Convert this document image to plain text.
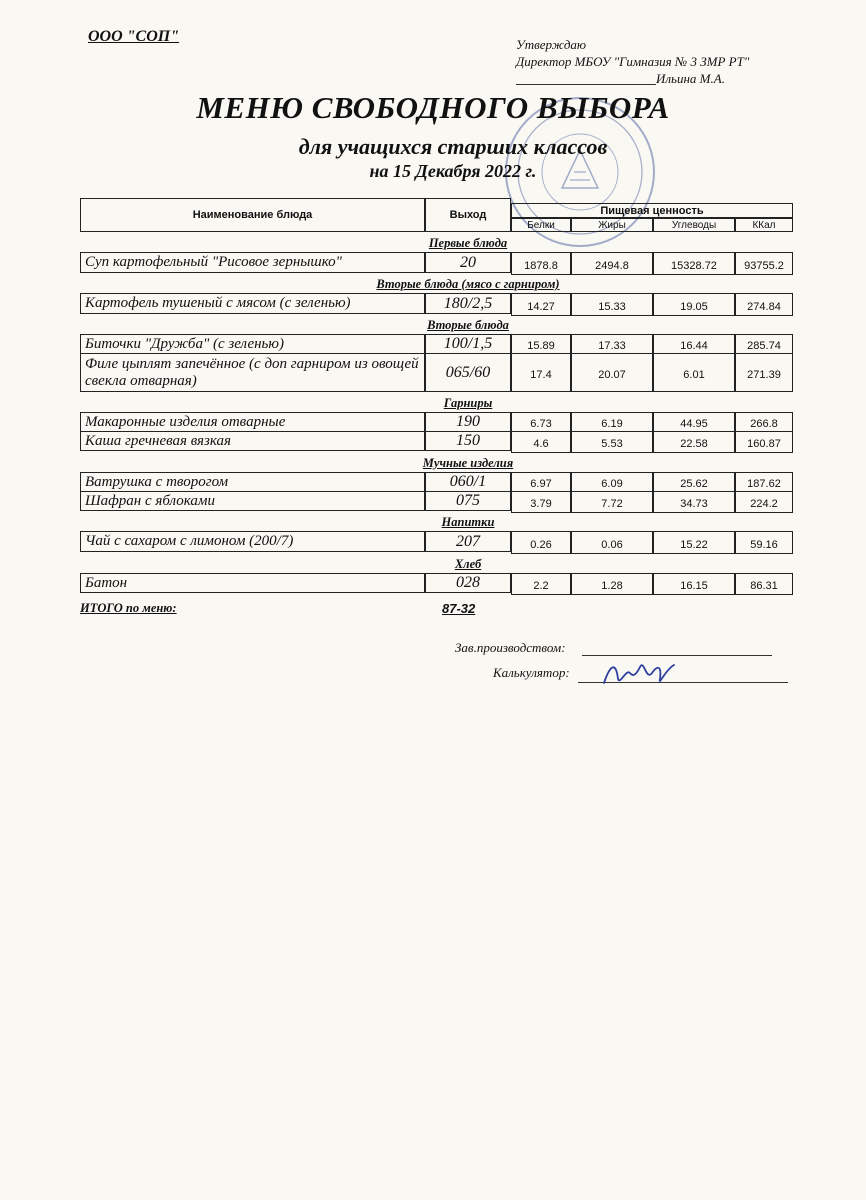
ООО "СОП"	Утверждаю
Директор МБОУ "Гимназия № 3 ЗМР РТ"
Ильина М.А.
МЕНЮ СВОБОДНОГО ВЫБОРА
для учащихся старших классов
на 15 Декабря 2022 г.
Наименование блюда	Выход	Пищевая ценность
Белки	Жиры	Углеводы	ККал
Первые блюда
Суп картофельный "Рисовое зернышко"	20	1878.8	2494.8	15328.72	93755.2
Вторые блюда (мясо с гарниром)
Картофель тушеный с мясом (с зеленью)	180/2,5	14.27	15.33	19.05	274.84
Вторые блюда
Биточки "Дружба" (с зеленью)	100/1,5	15.89	17.33	16.44	285.74
Филе цыплят запечённое (с доп гарниром из овощей свекла отварная)	065/60	17.4	20.07	6.01	271.39
Гарниры
Макаронные изделия отварные	190	6.73	6.19	44.95	266.8
Каша гречневая вязкая	150	4.6	5.53	22.58	160.87
Мучные изделия
Ватрушка с творогом	060/1	6.97	6.09	25.62	187.62
Шафран с яблоками	075	3.79	7.72	34.73	224.2
Напитки
Чай с сахаром с лимоном (200/7)	207	0.26	0.06	15.22	59.16
Хлеб
Батон	028	2.2	1.28	16.15	86.31
ИТОГО по меню:	87-32
Зав.производством:
Калькулятор:
